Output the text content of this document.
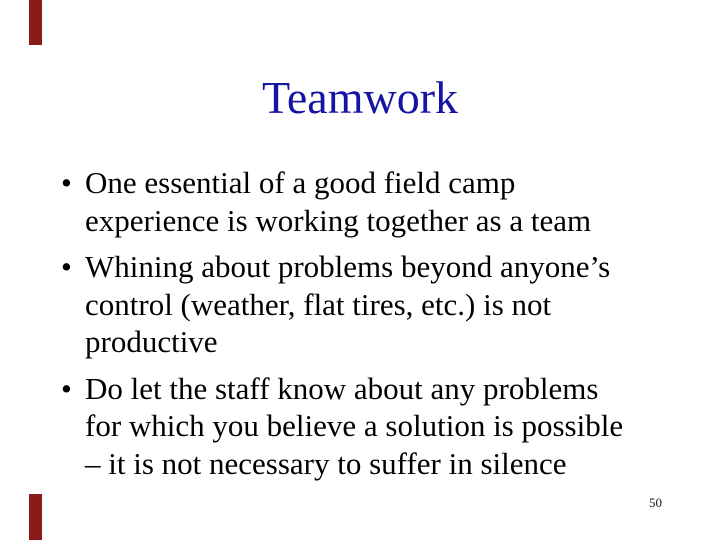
Teamwork
• One essential of a good field camp
experience is working together as a team
• Whining about problems beyond anyone’s
control (weather, flat tires, etc.) is not
productive
• Do let the staff know about any problems
for which you believe a solution is possible
– it is not necessary to suffer in silence
50
